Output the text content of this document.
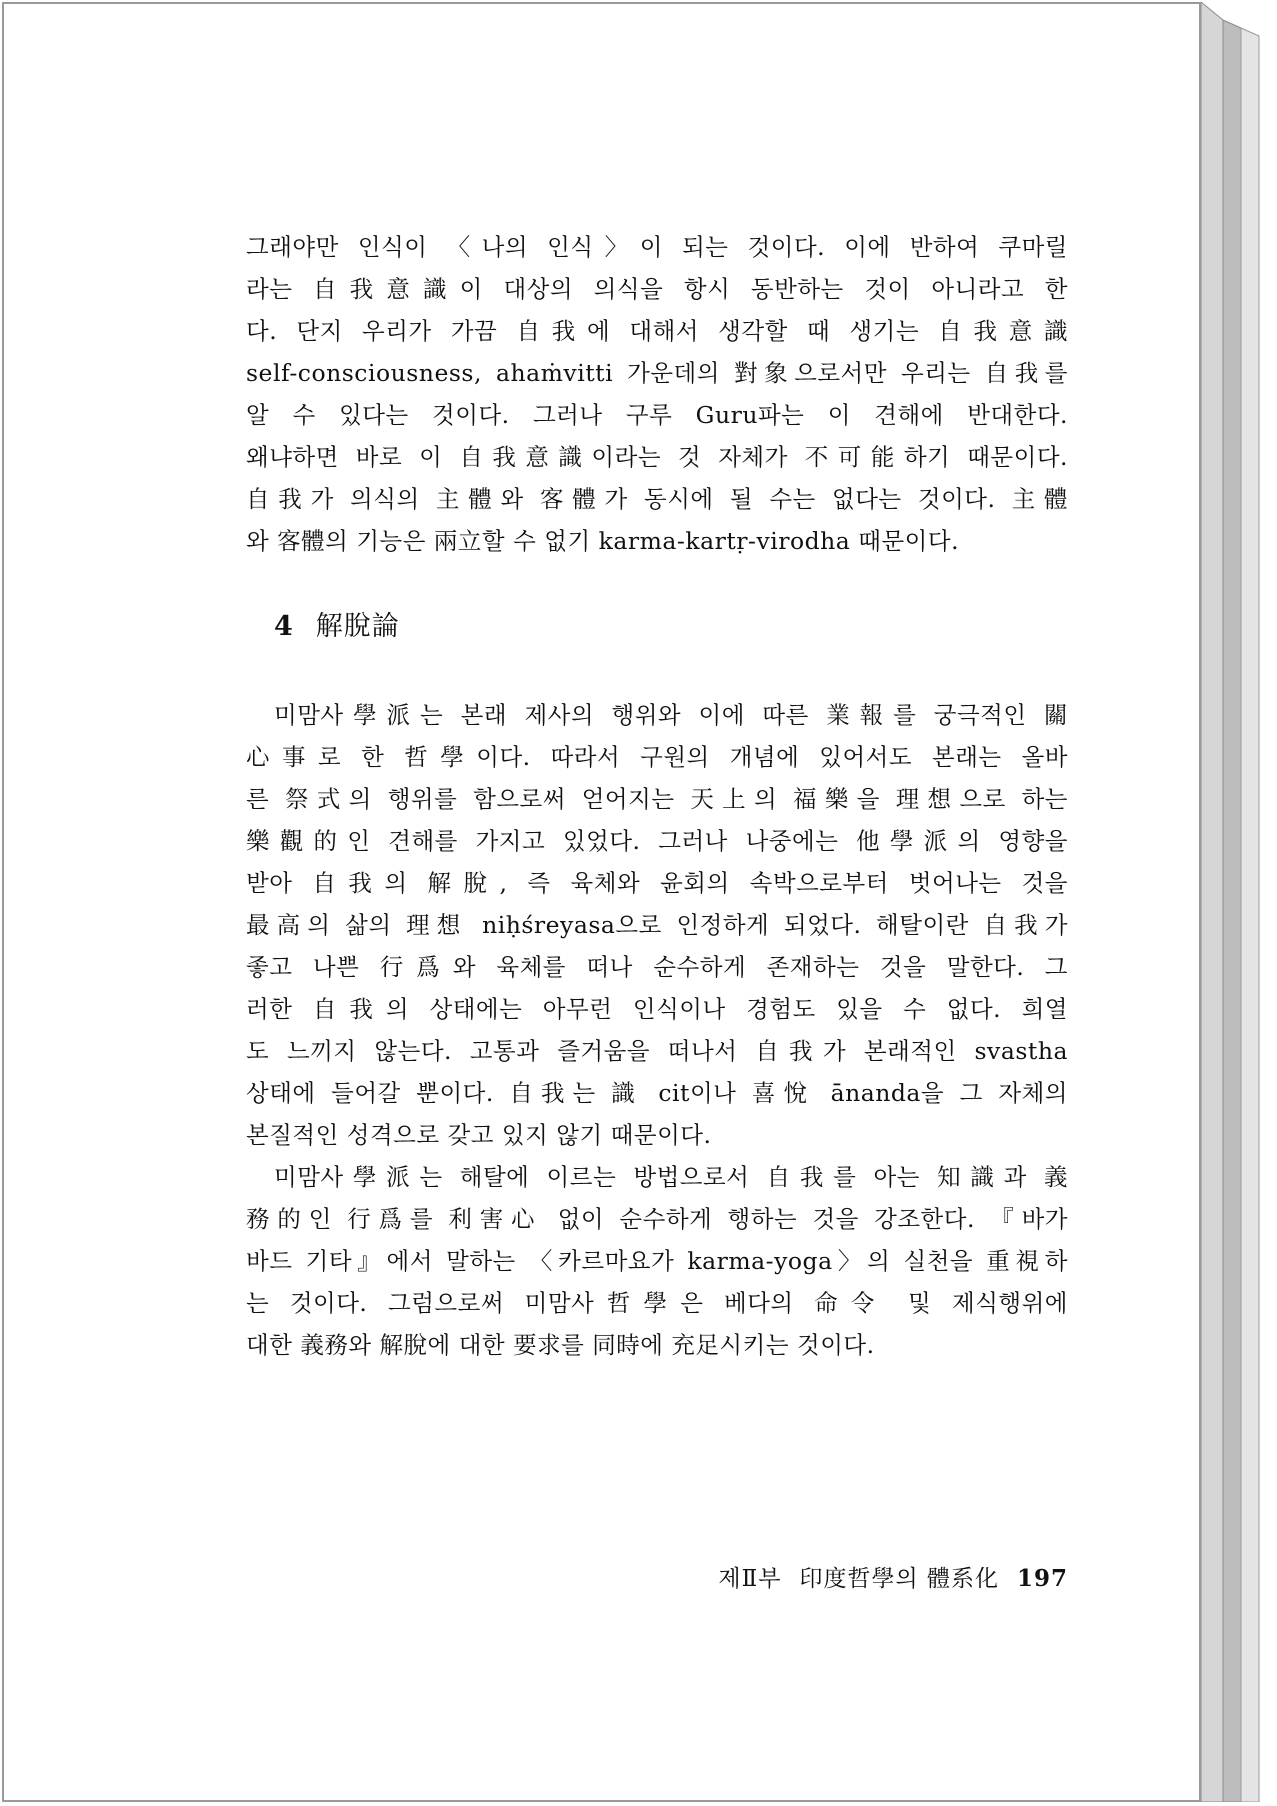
그래야만 인식이 〈나의 인식〉이 되는 것이다. 이에 반하여 쿠마릴
라는 自我意識이 대상의 의식을 항시 동반하는 것이 아니라고 한
다. 단지 우리가 가끔 自我에 대해서 생각할 때 생기는 自我意識
self-consciousness, ahaṁvitti 가운데의 對象으로서만 우리는 自我를
알 수 있다는 것이다. 그러나 구루 Guru파는 이 견해에 반대한다.
왜냐하면 바로 이 自我意識이라는 것 자체가 不可能하기 때문이다.
自我가 의식의 主體와 客體가 동시에 될 수는 없다는 것이다. 主體
와 客體의 기능은 兩立할 수 없기 karma-kartṛ-virodha 때문이다.
4 解脫論
미맘사學派는 본래 제사의 행위와 이에 따른 業報를 궁극적인 關
心事로 한 哲學이다. 따라서 구원의 개념에 있어서도 본래는 올바
른 祭式의 행위를 함으로써 얻어지는 天上의 福樂을 理想으로 하는
樂觀的인 견해를 가지고 있었다. 그러나 나중에는 他學派의 영향을
받아 自我의 解脫, 즉 육체와 윤회의 속박으로부터 벗어나는 것을
最高의 삶의 理想 niḥśreyasa으로 인정하게 되었다. 해탈이란 自我가
좋고 나쁜 行爲와 육체를 떠나 순수하게 존재하는 것을 말한다. 그
러한 自我의 상태에는 아무런 인식이나 경험도 있을 수 없다. 희열
도 느끼지 않는다. 고통과 즐거움을 떠나서 自我가 본래적인 svastha
상태에 들어갈 뿐이다. 自我는 識 cit이나 喜悅 ānanda을 그 자체의
본질적인 성격으로 갖고 있지 않기 때문이다.
미맘사學派는 해탈에 이르는 방법으로서 自我를 아는 知識과 義
務的인 行爲를 利害心 없이 순수하게 행하는 것을 강조한다. 『바가
바드 기타』에서 말하는 〈카르마요가 karma-yoga〉의 실천을 重視하
는 것이다. 그럼으로써 미맘사哲學은 베다의 命令 및 제식행위에
대한 義務와 解脫에 대한 要求를 同時에 充足시키는 것이다.
제Ⅱ부 印度哲學의 體系化 197
